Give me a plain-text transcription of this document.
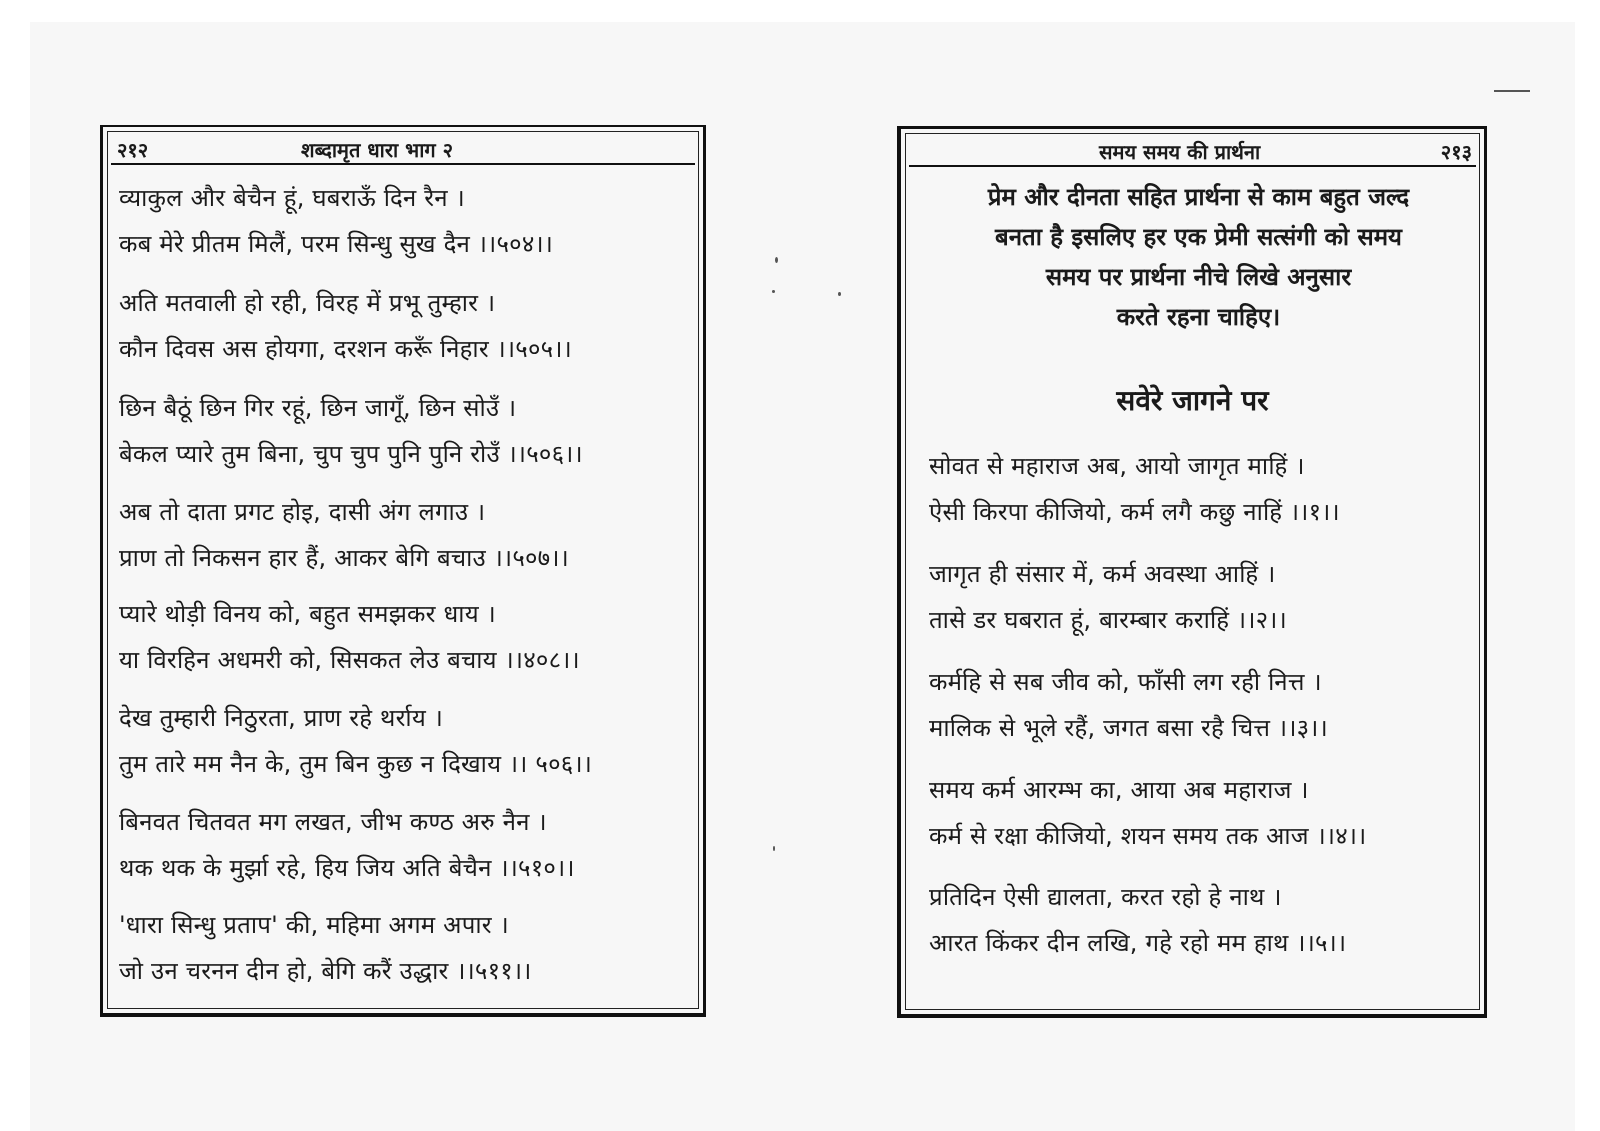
२१२	शब्दामृत धारा भाग २
व्याकुल और बेचैन हूं, घबराऊँ दिन रैन ।
कब मेरे प्रीतम मिलैं, परम सिन्धु सुख दैन ।।५०४।।
अति मतवाली हो रही, विरह में प्रभू तुम्हार ।
कौन दिवस अस होयगा, दरशन करूँ निहार ।।५०५।।
छिन बैठूं छिन गिर रहूं, छिन जागूँ, छिन सोउँ ।
बेकल प्यारे तुम बिना, चुप चुप पुनि पुनि रोउँ ।।५०६।।
अब तो दाता प्रगट होइ, दासी अंग लगाउ ।
प्राण तो निकसन हार हैं, आकर बेगि बचाउ ।।५०७।।
प्यारे थोड़ी विनय को, बहुत समझकर धाय ।
या विरहिन अधमरी को, सिसकत लेउ बचाय ।।४०८।।
देख तुम्हारी निठुरता, प्राण रहे थर्राय ।
तुम तारे मम नैन के, तुम बिन कुछ न दिखाय ।। ५०६।।
बिनवत चितवत मग लखत, जीभ कण्ठ अरु नैन ।
थक थक के मुर्झा रहे, हिय जिय अति बेचैन ।।५१०।।
'धारा सिन्धु प्रताप' की, महिमा अगम अपार ।
जो उन चरनन दीन हो, बेगि करैं उद्धार ।।५११।।
समय समय की प्रार्थना	२१३
प्रेम और दीनता सहित प्रार्थना से काम बहुत जल्द
बनता है इसलिए हर एक प्रेमी सत्संगी को समय
समय पर प्रार्थना नीचे लिखे अनुसार
करते रहना चाहिए।
सवेरे जागने पर
सोवत से महाराज अब, आयो जागृत माहिं ।
ऐसी किरपा कीजियो, कर्म लगै कछु नाहिं ।।१।।
जागृत ही संसार में, कर्म अवस्था आहिं ।
तासे डर घबरात हूं, बारम्बार कराहिं ।।२।।
कर्महि से सब जीव को, फाँसी लग रही नित्त ।
मालिक से भूले रहैं, जगत बसा रहै चित्त ।।३।।
समय कर्म आरम्भ का, आया अब महाराज ।
कर्म से रक्षा कीजियो, शयन समय तक आज ।।४।।
प्रतिदिन ऐसी द्यालता, करत रहो हे नाथ ।
आरत किंकर दीन लखि, गहे रहो मम हाथ ।।५।।
